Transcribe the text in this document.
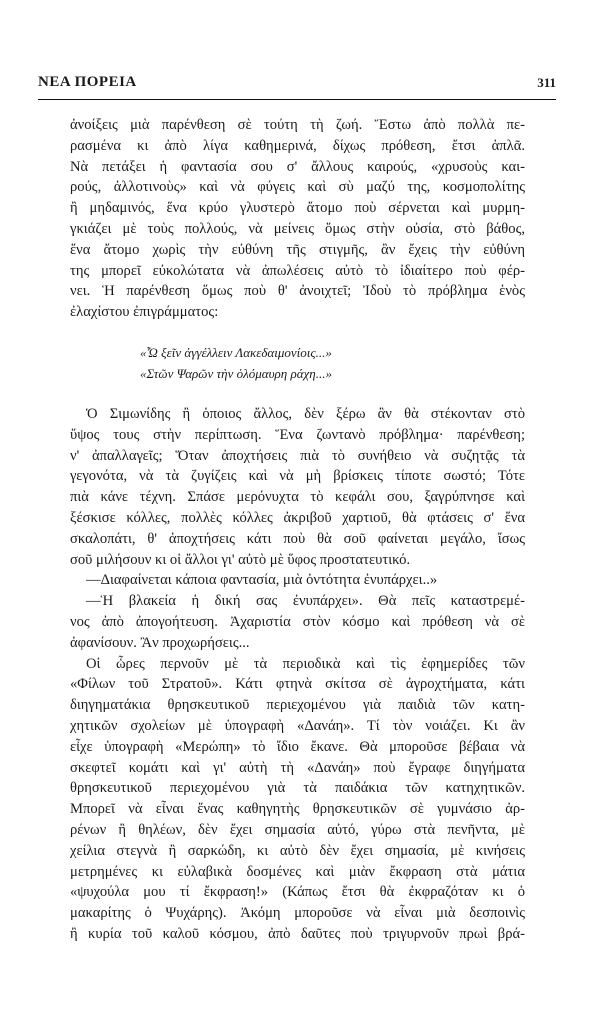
ΝΕΑ ΠΟΡΕΙΑ	311
ἀνοίξεις μιὰ παρένθεση σὲ τούτη τὴ ζωή. Ἔστω ἀπὸ πολλὰ πε-
ρασμένα κι ἀπὸ λίγα καθημερινά, δίχως πρόθεση, ἔτσι ἁπλᾶ.
Νὰ πετάξει ἡ φαντασία σου σ' ἄλλους καιρούς, «χρυσοὺς και-
ρούς, ἀλλοτινοὺς» καὶ νὰ φύγεις καὶ σὺ μαζύ της, κοσμοπολίτης
ἢ μηδαμινός, ἕνα κρύο γλυστερὸ ἄτομο ποὺ σέρνεται καὶ μυρμη-
γκιάζει μὲ τοὺς πολλούς, νὰ μείνεις ὅμως στὴν οὐσία, στὸ βάθος,
ἕνα ἄτομο χωρὶς τὴν εὐθύνη τῆς στιγμῆς, ἂν ἔχεις τὴν εὐθύνη
της μπορεῖ εὐκολώτατα νὰ ἀπωλέσεις αὐτὸ τὸ ἰδιαίτερο ποὺ φέρ-
νει. Ἡ παρένθεση ὅμως ποὺ θ' ἀνοιχτεῖ; Ἰδοὺ τὸ πρόβλημα ἑνὸς
ἐλαχίστου ἐπιγράμματος:
«Ὦ ξεῖν ἀγγέλλειν Λακεδαιμονίοις...»
«Στῶν Ψαρῶν τὴν ὁλόμαυρη ράχη...»
Ὁ Σιμωνίδης ἢ ὁποιος ἄλλος, δὲν ξέρω ἂν θὰ στέκονταν στὸ
ὕψος τους στὴν περίπτωση. Ἕνα ζωντανὸ πρόβλημα· παρένθεση;
ν' ἀπαλλαγεῖς; Ὅταν ἀποχτήσεις πιὰ τὸ συνήθειο νὰ συζητᾷς τὰ
γεγονότα, νὰ τὰ ζυγίζεις καὶ νὰ μὴ βρίσκεις τίποτε σωστό; Τότε
πιὰ κάνε τέχνη. Σπάσε μερόνυχτα τὸ κεφάλι σου, ξαγρύπνησε καὶ
ξέσκισε κόλλες, πολλὲς κόλλες ἀκριβοῦ χαρτιοῦ, θὰ φτάσεις σ' ἕνα
σκαλοπάτι, θ' ἀποχτήσεις κάτι ποὺ θὰ σοῦ φαίνεται μεγάλο, ἴσως
σοῦ μιλήσουν κι οἱ ἄλλοι γι' αὐτὸ μὲ ὕφος προστατευτικό.
—Διαφαίνεται κάποια φαντασία, μιὰ ὀντότητα ἐνυπάρχει..»
—Ἡ βλακεία ἡ δική σας ἐνυπάρχει». Θὰ πεῖς καταστρεμέ-
νος ἀπὸ ἀπογοήτευση. Ἀχαριστία στὸν κόσμο καὶ πρόθεση νὰ σὲ
ἀφανίσουν. Ἂν προχωρήσεις...
Οἱ ὧρες περνοῦν μὲ τὰ περιοδικὰ καὶ τὶς ἐφημερίδες τῶν
«Φίλων τοῦ Στρατοῦ». Κάτι φτηνὰ σκίτσα σὲ ἀγροχτήματα, κάτι
διηγηματάκια θρησκευτικοῦ περιεχομένου γιὰ παιδιὰ τῶν κατη-
χητικῶν σχολείων μὲ ὑπογραφὴ «Δανάη». Τί τὸν νοιάζει. Κι ἂν
εἶχε ὑπογραφὴ «Μερώπη» τὸ ἴδιο ἔκανε. Θὰ μποροῦσε βέβαια νὰ
σκεφτεῖ κομάτι καὶ γι' αὐτὴ τὴ «Δανάη» ποὺ ἔγραφε διηγήματα
θρησκευτικοῦ περιεχομένου γιὰ τὰ παιδάκια τῶν κατηχητικῶν.
Μπορεῖ νὰ εἶναι ἕνας καθηγητὴς θρησκευτικῶν σὲ γυμνάσιο ἀρ-
ρένων ἢ θηλέων, δὲν ἔχει σημασία αὐτό, γύρω στὰ πενῆντα, μὲ
χείλια στεγνὰ ἢ σαρκώδη, κι αὐτὸ δὲν ἔχει σημασία, μὲ κινήσεις
μετρημένες κι εὐλαβικὰ δοσμένες καὶ μιὰν ἔκφραση στὰ μάτια
«ψυχούλα μου τί ἔκφραση!» (Κάπως ἔτσι θὰ ἐκφραζόταν κι ὁ
μακαρίτης ὁ Ψυχάρης). Ἀκόμη μποροῦσε νὰ εἶναι μιὰ δεσποινὶς
ἢ κυρία τοῦ καλοῦ κόσμου, ἀπὸ δαῦτες ποὺ τριγυρνοῦν πρωὶ βρά-
